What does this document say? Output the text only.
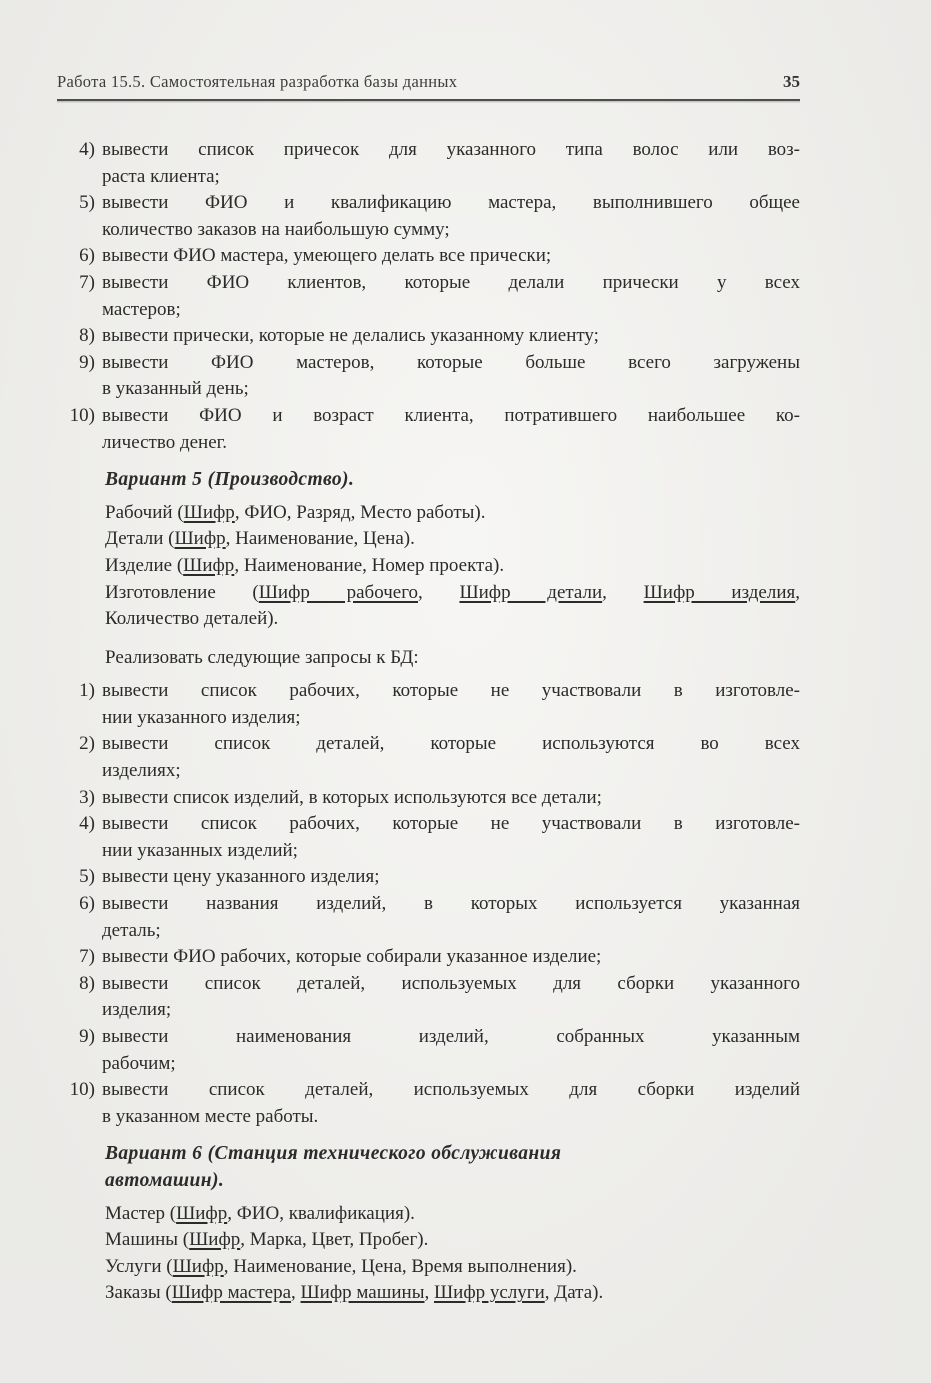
Работа 15.5. Самостоятельная разработка базы данных	35
4) вывести список причесок для указанного типа волос или воз-
раста клиента;
5) вывести ФИО и квалификацию мастера, выполнившего общее
количество заказов на наибольшую сумму;
6) вывести ФИО мастера, умеющего делать все прически;
7) вывести ФИО клиентов, которые делали прически у всех
мастеров;
8) вывести прически, которые не делались указанному клиенту;
9) вывести ФИО мастеров, которые больше всего загружены
в указанный день;
10) вывести ФИО и возраст клиента, потратившего наибольшее ко-
личество денег.
Вариант 5 (Производство).
Рабочий (Шифр, ФИО, Разряд, Место работы).
Детали (Шифр, Наименование, Цена).
Изделие (Шифр, Наименование, Номер проекта).
Изготовление (Шифр рабочего, Шифр детали, Шифр изделия,
Количество деталей).
Реализовать следующие запросы к БД:
1) вывести список рабочих, которые не участвовали в изготовле-
нии указанного изделия;
2) вывести список деталей, которые используются во всех
изделиях;
3) вывести список изделий, в которых используются все детали;
4) вывести список рабочих, которые не участвовали в изготовле-
нии указанных изделий;
5) вывести цену указанного изделия;
6) вывести названия изделий, в которых используется указанная
деталь;
7) вывести ФИО рабочих, которые собирали указанное изделие;
8) вывести список деталей, используемых для сборки указанного
изделия;
9) вывести наименования изделий, собранных указанным
рабочим;
10) вывести список деталей, используемых для сборки изделий
в указанном месте работы.
Вариант 6 (Станция технического обслуживания
автомашин).
Мастер (Шифр, ФИО, квалификация).
Машины (Шифр, Марка, Цвет, Пробег).
Услуги (Шифр, Наименование, Цена, Время выполнения).
Заказы (Шифр мастера, Шифр машины, Шифр услуги, Дата).
